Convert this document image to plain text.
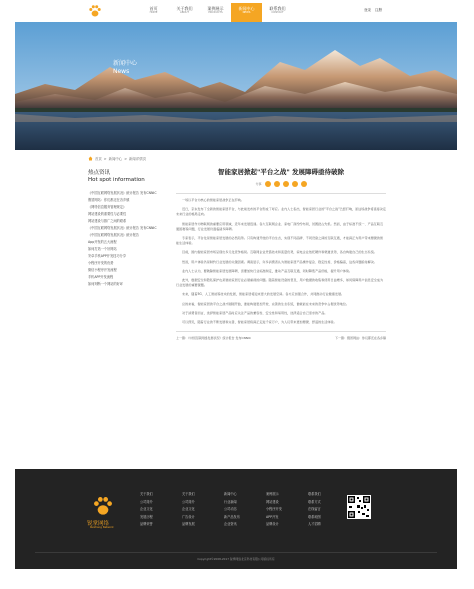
首页
HOME
关于我们
ABOUT
案例展示
PRODUCTS
新闻中心
NEWS
联系我们
CONTACT
登录 注册
新闻中心
News
首页 > 新闻中心 > 新闻详情页
热点资讯
Hot spot information
《中国互联网络发展状况》统计报告 发布CNNIC
假冒网站：你们都还在各乡镇
《网络信息服务管理规定》
网站建设的重要性与必要性
网站建设与推广之间的联系
《中国互联网络发展状况》统计报告 发布CNNIC
《中国互联网络发展状况》统计报告
App开发的五大流程
如何打造一个好网站
安卓手机APP开发技巧分享
小程序开发的优势
微信小程序开发流程
手机APP开发流程
如何判断一个网站的好坏
智能家居掀起"平台之战" 发展障碍亟待破除
分享

一场以平台为核心的智能家居战争正在打响。

近日，京东发布了全新的智能家居平台，与此前发布的平台形成了呼应。业内人士指出，智能家居行业的"平台之战"已经打响，而这场战争将直接决定未来行业的格局走向。

智能家居作为物联网的重要应用领域，近年来发展迅速。各大互联网企业、家电厂商纷纷布局，试图抢占先机。然而，由于标准不统一、产品互联互通困难等问题，行业发展仍面临诸多障碍。

专家表示，平台化是智能家居发展的必然趋势。只有构建开放的平台生态，实现不同品牌、不同设备之间的互联互通，才能真正为用户带来便捷的智能生活体验。

目前，国内智能家居市场呈现出多元化竞争格局。互联网企业凭借技术和流量优势，家电企业依托硬件和渠道优势，各自构建自己的生态系统。

然而，用户体验仍是制约行业发展的关键因素。调查显示，许多消费者认为智能家居产品操作复杂、稳定性差、价格偏高，这些问题亟待解决。

业内人士认为，要破除智能家居发展障碍，需要加快行业标准制定，推动产品互联互通，同时降低产品价格，提升用户体验。

此外，数据安全和隐私保护也是智能家居行业必须重视的问题。随着智能设备的普及，用户数据的收集和使用日益增多，如何保障用户信息安全成为行业发展的重要课题。

未来，随着5G、人工智能等技术的发展，智能家居将迎来更大的发展空间。各方应加强合作，共同推动行业健康发展。

总的来看，智能家居的平台之战才刚刚开始，谁能构建更加开放、完善的生态系统，谁就能在未来的竞争中占据优势地位。

对于消费者而言，选择智能家居产品时应关注产品的兼容性、安全性和易用性，选择适合自己需求的产品。

可以预见，随着行业的不断发展和完善，智能家居将真正走进千家万户，为人们带来更加便捷、舒适的生活体验。

上一篇：《中国互联网络发展状况》统计报告 发布CNNIC	下一篇：假冒网站：你们都还在各乡镇
锐掌网络
Ruizhang Network
关于我们
公司简介
企业文化
发展历程
品牌荣誉
关于我们
公司简介
企业文化
广告设计
品牌发展
新闻中心
行业新闻
公司动态
新产品发布
企业资讯
案例展示
网站建设
小程序开发
APP开发
品牌设计
联系我们
联系方式
在线留言
联系地图
人才招聘
Copyright©2008-2017 锐掌网络北京科技有限公司版权所有
